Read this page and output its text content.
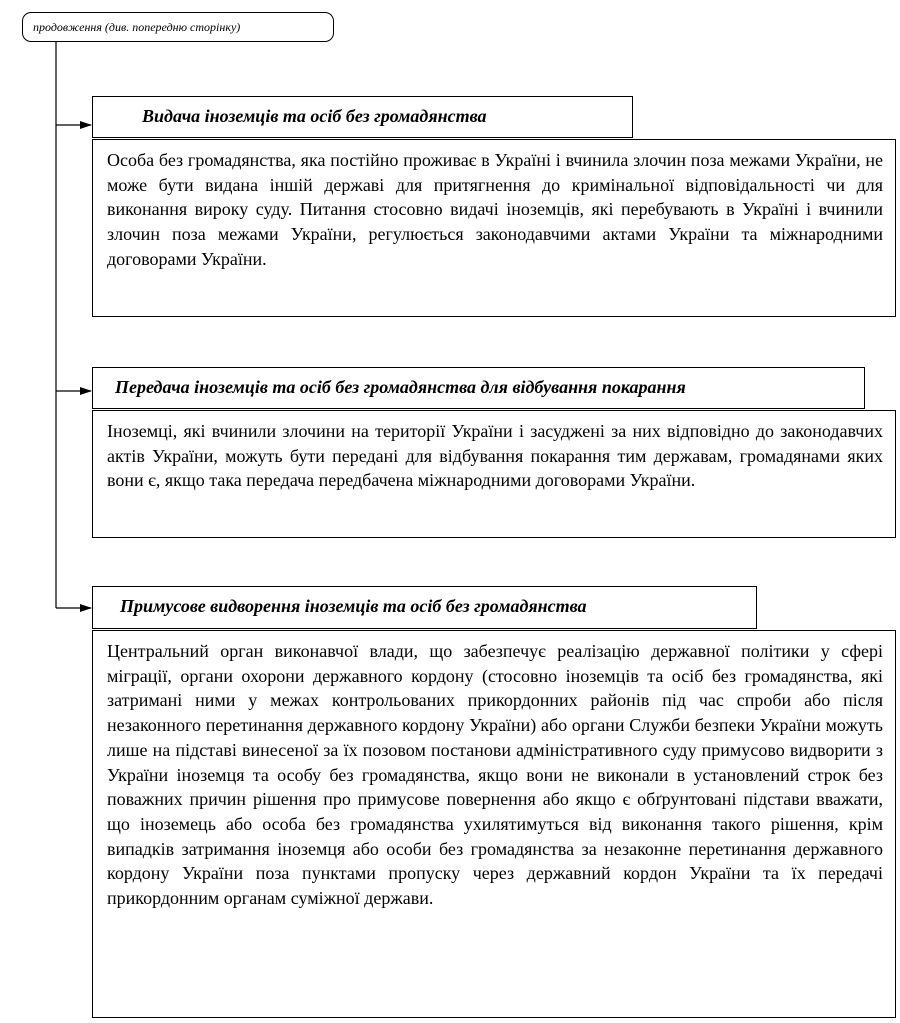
продовження (див. попередню сторінку)
Видача іноземців та осіб без громадянства
Особа без громадянства, яка постійно проживає в Україні і вчинила злочин поза межами України, не може бути видана іншій державі для притягнення до кримінальної відповідальності чи для виконання вироку суду. Питання стосовно видачі іноземців, які перебувають в Україні і вчинили злочин поза межами України, регулюється законодавчими актами України та міжнародними договорами України.
Передача іноземців та осіб без громадянства для відбування покарання
Іноземці, які вчинили злочини на території України і засуджені за них відповідно до законодавчих актів України, можуть бути передані для відбування покарання тим державам, громадянами яких вони є, якщо така передача передбачена міжнародними договорами України.
Примусове видворення іноземців та осіб без громадянства
Центральний орган виконавчої влади, що забезпечує реалізацію державної політики у сфері міграції, органи охорони державного кордону (стосовно іноземців та осіб без громадянства, які затримані ними у межах контрольованих прикордонних районів під час спроби або після незаконного перетинання державного кордону України) або органи Служби безпеки України можуть лише на підставі винесеної за їх позовом постанови адміністративного суду примусово видворити з України іноземця та особу без громадянства, якщо вони не виконали в установлений строк без поважних причин рішення про примусове повернення або якщо є обґрунтовані підстави вважати, що іноземець або особа без громадянства ухилятимуться від виконання такого рішення, крім випадків затримання іноземця або особи без громадянства за незаконне перетинання державного кордону України поза пунктами пропуску через державний кордон України та їх передачі прикордонним органам суміжної держави.
